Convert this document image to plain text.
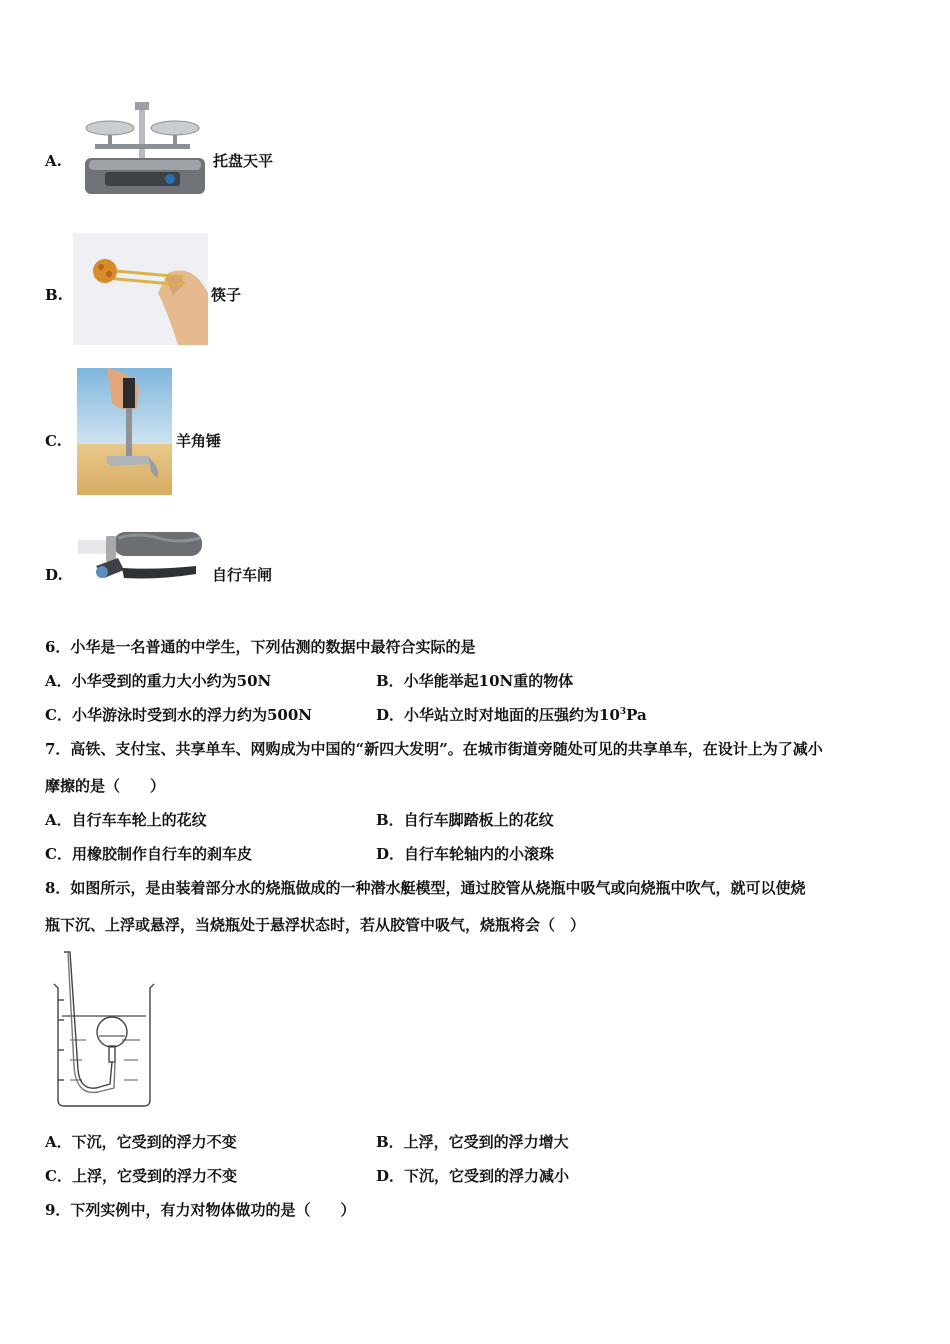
A.	托盘天平
B.	筷子
C.	羊角锤
D.	自行车闸
6．小华是一名普通的中学生，下列估测的数据中最符合实际的是
A．小华受到的重力大小约为50N	B．小华能举起10N重的物体
C．小华游泳时受到水的浮力约为500N	D．小华站立时对地面的压强约为$10^3Pa$
7．高铁、支付宝、共享单车、网购成为中国的“新四大发明”。在城市街道旁随处可见的共享单车，在设计上为了减小
摩擦的是（　　）
A．自行车车轮上的花纹	B．自行车脚踏板上的花纹
C．用橡胶制作自行车的刹车皮	D．自行车轮轴内的小滚珠
8．如图所示，是由装着部分水的烧瓶做成的一种潜水艇模型，通过胶管从烧瓶中吸气或向烧瓶中吹气，就可以使烧
瓶下沉、上浮或悬浮，当烧瓶处于悬浮状态时，若从胶管中吸气，烧瓶将会（　）
A．下沉，它受到的浮力不变	B．上浮，它受到的浮力增大
C．上浮，它受到的浮力不变	D．下沉，它受到的浮力减小
9．下列实例中，有力对物体做功的是（　　）
